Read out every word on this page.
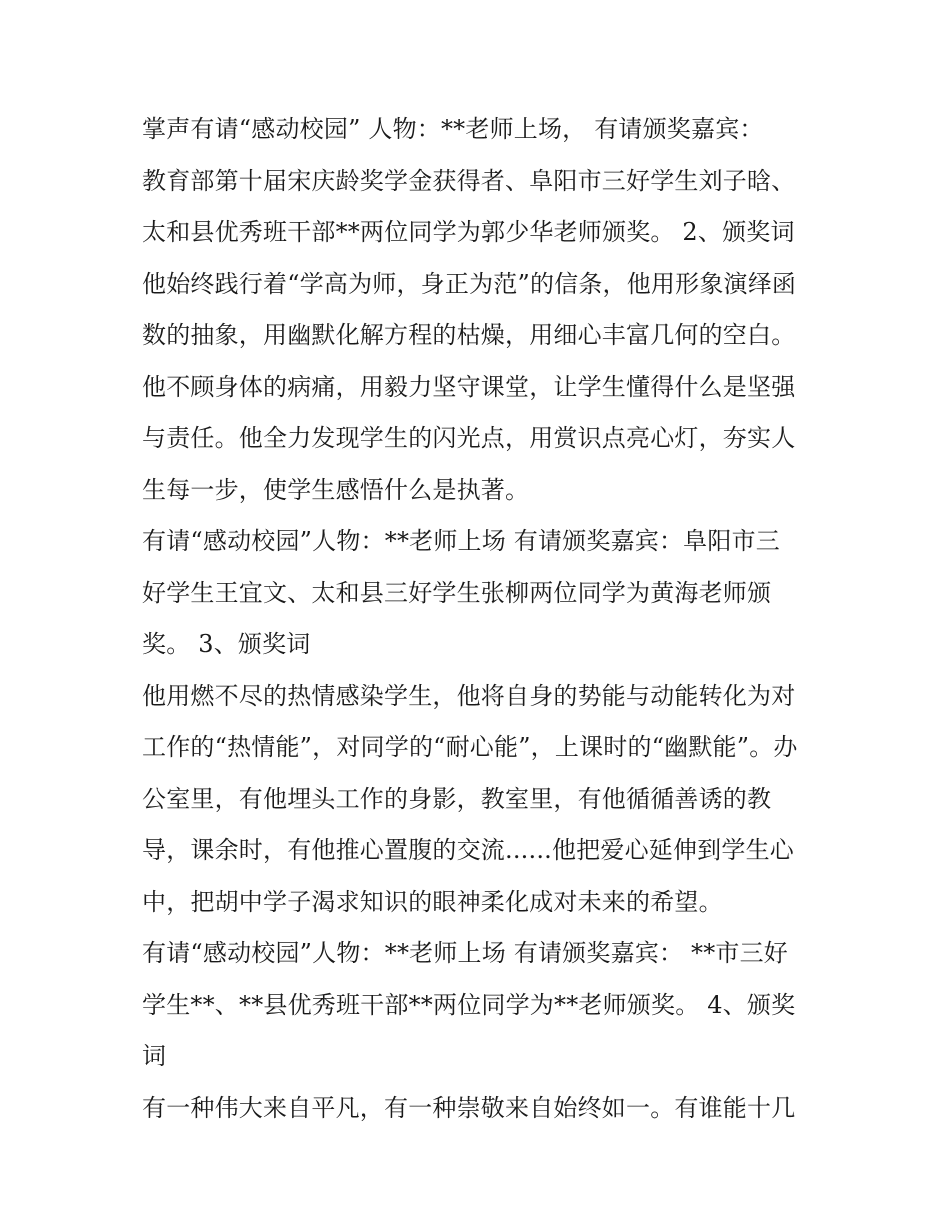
掌声有请“感动校园” 人物：**老师上场， 有请颁奖嘉宾：
教育部第十届宋庆龄奖学金获得者、阜阳市三好学生刘子晗、
太和县优秀班干部**两位同学为郭少华老师颁奖。 2、颁奖词
他始终践行着“学高为师，身正为范”的信条，他用形象演绎函
数的抽象，用幽默化解方程的枯燥，用细心丰富几何的空白。
他不顾身体的病痛，用毅力坚守课堂，让学生懂得什么是坚强
与责任。他全力发现学生的闪光点，用赏识点亮心灯，夯实人
生每一步，使学生感悟什么是执著。
有请“感动校园”人物：**老师上场 有请颁奖嘉宾：阜阳市三
好学生王宜文、太和县三好学生张柳两位同学为黄海老师颁
奖。 3、颁奖词
他用燃不尽的热情感染学生，他将自身的势能与动能转化为对
工作的“热情能”，对同学的“耐心能”，上课时的“幽默能”。办
公室里，有他埋头工作的身影，教室里，有他循循善诱的教
导，课余时，有他推心置腹的交流......他把爱心延伸到学生心
中，把胡中学子渴求知识的眼神柔化成对未来的希望。
有请“感动校园”人物：**老师上场 有请颁奖嘉宾： **市三好
学生**、**县优秀班干部**两位同学为**老师颁奖。 4、颁奖
词
有一种伟大来自平凡，有一种崇敬来自始终如一。有谁能十几
